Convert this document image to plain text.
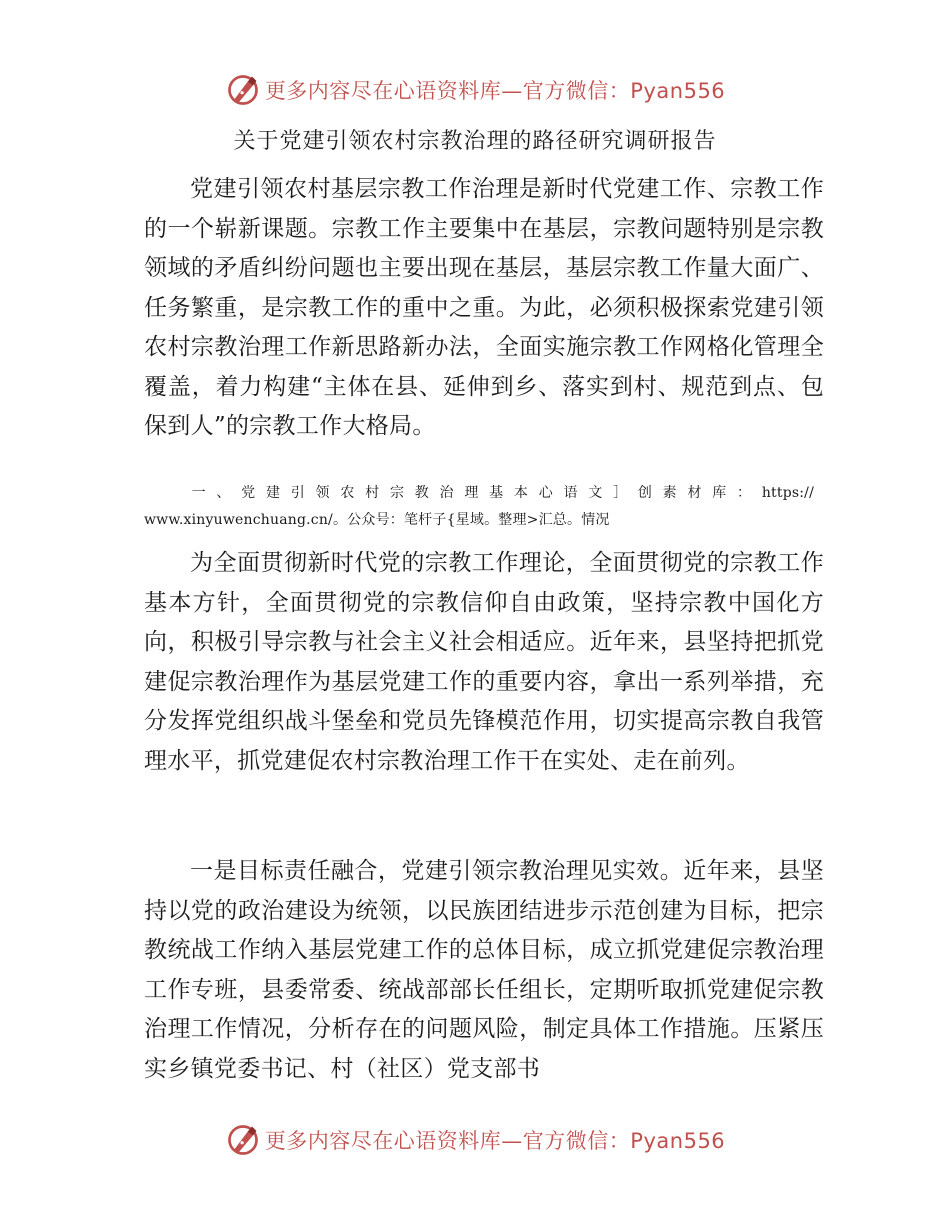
更多内容尽在心语资料库—官方微信：Pyan556
关于党建引领农村宗教治理的路径研究调研报告

党建引领农村基层宗教工作治理是新时代党建工作、宗教工作的一个崭新课题。宗教工作主要集中在基层，宗教问题特别是宗教领域的矛盾纠纷问题也主要出现在基层，基层宗教工作量大面广、任务繁重，是宗教工作的重中之重。为此，必须积极探索党建引领农村宗教治理工作新思路新办法，全面实施宗教工作网格化管理全覆盖，着力构建“主体在县、延伸到乡、落实到村、规范到点、包保到人”的宗教工作大格局。

一、党建引领农村宗教治理基本心语文］创素材库：https:// www.xinyuwenchuang.cn/。公众号：笔杆子{星域。整理>汇总。情况

为全面贯彻新时代党的宗教工作理论，全面贯彻党的宗教工作基本方针，全面贯彻党的宗教信仰自由政策，坚持宗教中国化方向，积极引导宗教与社会主义社会相适应。近年来，县坚持把抓党建促宗教治理作为基层党建工作的重要内容，拿出一系列举措，充分发挥党组织战斗堡垒和党员先锋模范作用，切实提高宗教自我管理水平，抓党建促农村宗教治理工作干在实处、走在前列。

一是目标责任融合，党建引领宗教治理见实效。近年来，县坚持以党的政治建设为统领，以民族团结进步示范创建为目标，把宗教统战工作纳入基层党建工作的总体目标，成立抓党建促宗教治理工作专班，县委常委、统战部部长任组长，定期听取抓党建促宗教治理工作情况，分析存在的问题风险，制定具体工作措施。压紧压实乡镇党委书记、村（社区）党支部书

更多内容尽在心语资料库—官方微信：Pyan556
